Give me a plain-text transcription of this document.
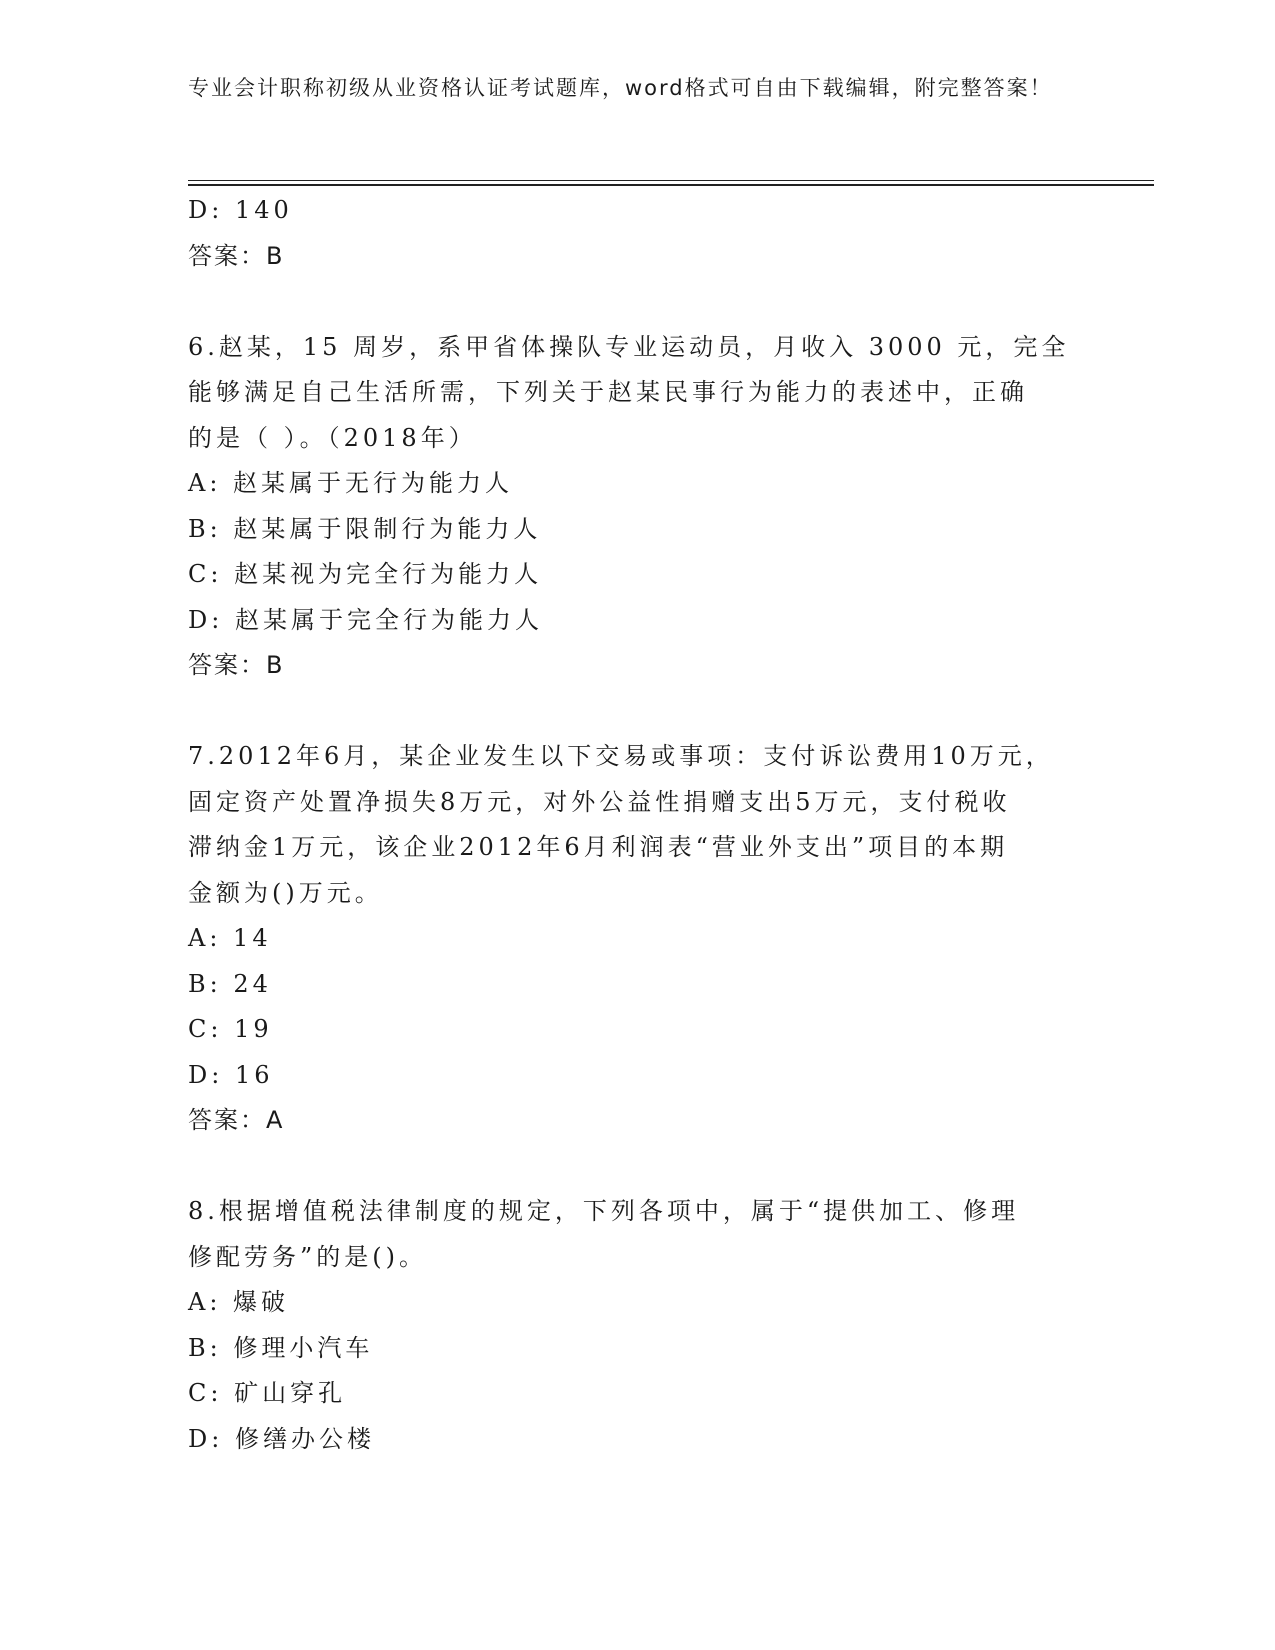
专业会计职称初级从业资格认证考试题库，word格式可自由下载编辑，附完整答案！
D: 140
答案：B
6.赵某，15 周岁，系甲省体操队专业运动员，月收入 3000 元，完全
能够满足自己生活所需，下列关于赵某民事行为能力的表述中，正确
的是（ ）。（2018年）
A: 赵某属于无行为能力人
B: 赵某属于限制行为能力人
C: 赵某视为完全行为能力人
D: 赵某属于完全行为能力人
答案：B
7.2012年6月，某企业发生以下交易或事项：支付诉讼费用10万元，
固定资产处置净损失8万元，对外公益性捐赠支出5万元，支付税收
滞纳金1万元，该企业2012年6月利润表“营业外支出”项目的本期
金额为()万元。
A: 14
B: 24
C: 19
D: 16
答案：A
8.根据增值税法律制度的规定，下列各项中，属于“提供加工、修理
修配劳务”的是()。
A: 爆破
B: 修理小汽车
C: 矿山穿孔
D: 修缮办公楼
